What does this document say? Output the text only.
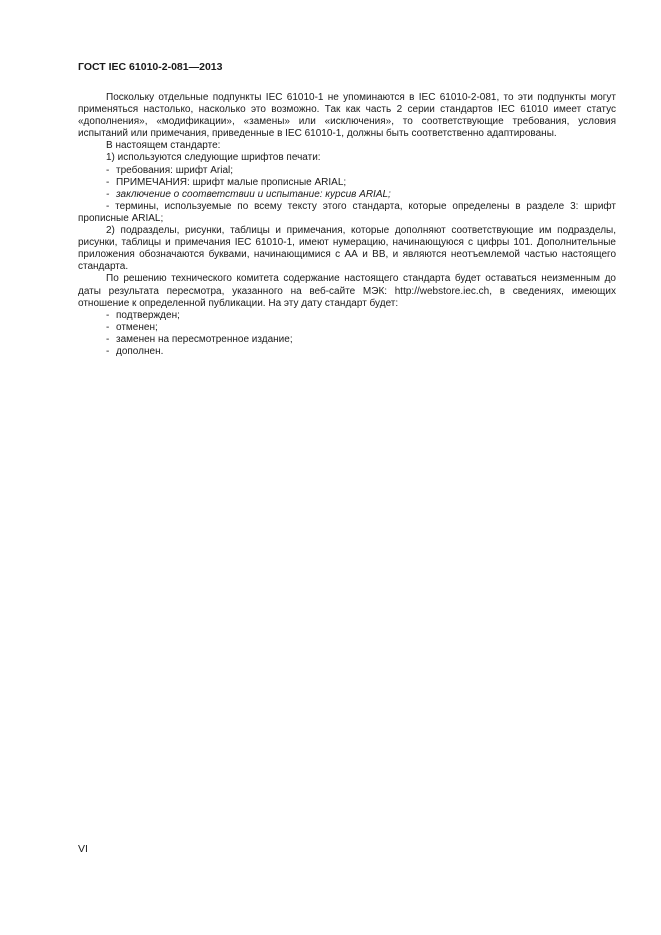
ГОСТ IEC 61010-2-081—2013

Поскольку отдельные подпункты IEC 61010-1 не упоминаются в IEC 61010-2-081, то эти подпункты могут применяться настолько, насколько это возможно. Так как часть 2 серии стандартов IEC 61010 имеет статус «дополнения», «модификации», «замены» или «исключения», то соответствующие требования, условия испытаний или примечания, приведенные в IEC 61010-1, должны быть соответственно адаптированы.

В настоящем стандарте:

1) используются следующие шрифтов печати:

- требования: шрифт Arial;

- ПРИМЕЧАНИЯ: шрифт малые прописные ARIAL;

- заключение о соответствии и испытание: курсив ARIAL;

- термины, используемые по всему тексту этого стандарта, которые определены в разделе 3: шрифт прописные ARIAL;

2) подразделы, рисунки, таблицы и примечания, которые дополняют соответствующие им подразделы, рисунки, таблицы и примечания IEC 61010-1, имеют нумерацию, начинающуюся с цифры 101. Дополнительные приложения обозначаются буквами, начинающимися с АА и ВВ, и являются неотъемлемой частью настоящего стандарта.

По решению технического комитета содержание настоящего стандарта будет оставаться неизменным до даты результата пересмотра, указанного на веб-сайте МЭК: http://webstore.iec.ch, в сведениях, имеющих отношение к определенной публикации. На эту дату стандарт будет:

- подтвержден;

- отменен;

- заменен на пересмотренное издание;

- дополнен.

VI
